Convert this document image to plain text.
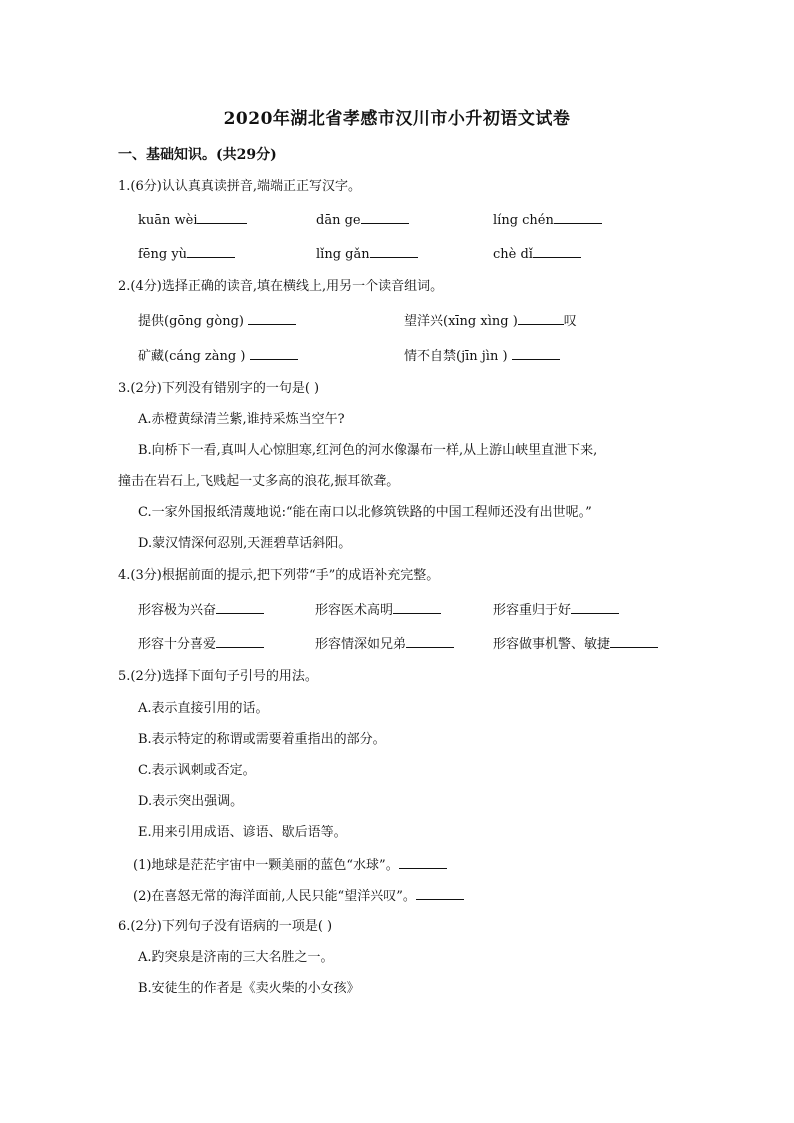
2020年湖北省孝感市汉川市小升初语文试卷
一、基础知识。(共29分)
1.(6分)认认真真读拼音,端端正正写汉字。
kuān wèi	dān ge	líng chén
fēng yù	lǐng gǎn	chè dǐ
2.(4分)选择正确的读音,填在横线上,用另一个读音组词。
提供(gōng gòng)	望洋兴(xīng xìng )	叹
矿藏(cáng zàng )	情不自禁(jīn jìn )
3.(2分)下列没有错别字的一句是( )
A.赤橙黄绿清兰紫,谁持采炼当空午?
B.向桥下一看,真叫人心惊胆寒,红河色的河水像瀑布一样,从上游山峡里直泄下来,
撞击在岩石上,飞贱起一丈多高的浪花,振耳欲聋。
C.一家外国报纸清蔑地说:“能在南口以北修筑铁路的中国工程师还没有出世呢。”
D.蒙汉情深何忍别,天涯碧草话斜阳。
4.(3分)根据前面的提示,把下列带“手”的成语补充完整。
形容极为兴奋	形容医术高明	形容重归于好
形容十分喜爱	形容情深如兄弟	形容做事机警、敏捷
5.(2分)选择下面句子引号的用法。
A.表示直接引用的话。
B.表示特定的称谓或需要着重指出的部分。
C.表示讽刺或否定。
D.表示突出强调。
E.用来引用成语、谚语、歇后语等。
(1)地球是茫茫宇宙中一颗美丽的蓝色“水球”。
(2)在喜怒无常的海洋面前,人民只能“望洋兴叹”。
6.(2分)下列句子没有语病的一项是( )
A.趵突泉是济南的三大名胜之一。
B.安徒生的作者是《卖火柴的小女孩》
